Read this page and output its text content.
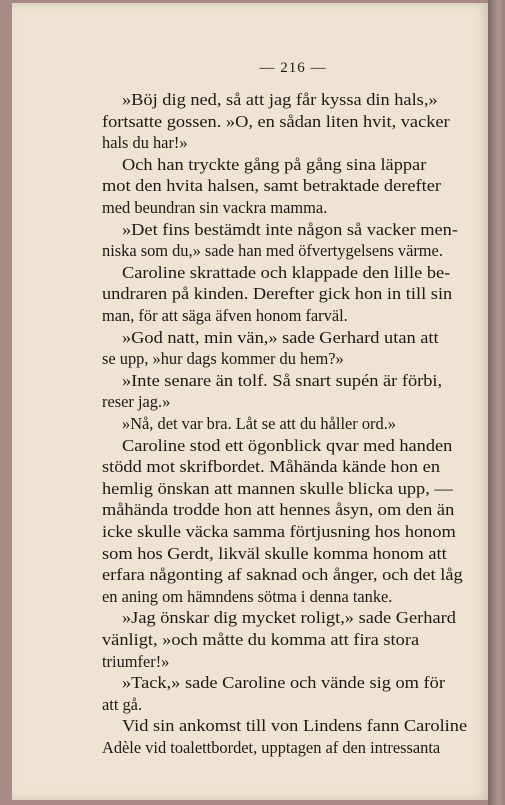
— 216 —
»Böj dig ned, så att jag får kyssa din hals,»
fortsatte gossen. »O, en sådan liten hvit, vacker
hals du har!»
Och han tryckte gång på gång sina läppar
mot den hvita halsen, samt betraktade derefter
med beundran sin vackra mamma.
»Det fins bestämdt inte någon så vacker men-
niska som du,» sade han med öfvertygelsens värme.
Caroline skrattade och klappade den lille be-
undraren på kinden. Derefter gick hon in till sin
man, för att säga äfven honom farväl.
»God natt, min vän,» sade Gerhard utan att
se upp, »hur dags kommer du hem?»
»Inte senare än tolf. Så snart supén är förbi,
reser jag.»
»Nå, det var bra. Låt se att du håller ord.»
Caroline stod ett ögonblick qvar med handen
stödd mot skrifbordet. Måhända kände hon en
hemlig önskan att mannen skulle blicka upp, —
måhända trodde hon att hennes åsyn, om den än
icke skulle väcka samma förtjusning hos honom
som hos Gerdt, likväl skulle komma honom att
erfara någonting af saknad och ånger, och det låg
en aning om hämndens sötma i denna tanke.
»Jag önskar dig mycket roligt,» sade Gerhard
vänligt, »och måtte du komma att fira stora
triumfer!»
»Tack,» sade Caroline och vände sig om för
att gå.
Vid sin ankomst till von Lindens fann Caroline
Adèle vid toalettbordet, upptagen af den intressanta
